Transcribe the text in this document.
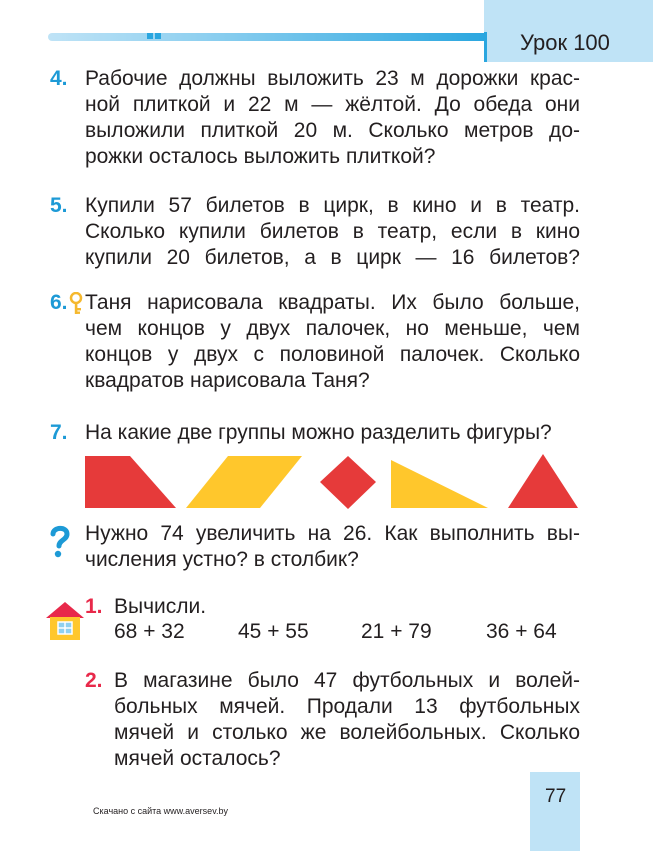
Урок 100
4. Рабочие должны выложить 23 м дорожки крас-
ной плиткой и 22 м — жёлтой. До обеда они
выложили плиткой 20 м. Сколько метров до-
рожки осталось выложить плиткой?
5. Купили 57 билетов в цирк, в кино и в театр.
Сколько купили билетов в театр, если в кино
купили 20 билетов, а в цирк — 16 билетов?
6. Таня нарисовала квадраты. Их было больше,
чем концов у двух палочек, но меньше, чем
концов у двух с половиной палочек. Сколько
квадратов нарисовала Таня?
7. На какие две группы можно разделить фигуры?
Нужно 74 увеличить на 26. Как выполнить вы-
числения устно? в столбик?
1. Вычисли.
68 + 32	45 + 55 21 + 79	36 + 64
2. В магазине было 47 футбольных и волей-
больных мячей. Продали 13 футбольных
мячей и столько же волейбольных. Сколько
мячей осталось?
Скачано с сайта www.aversev.by
77
